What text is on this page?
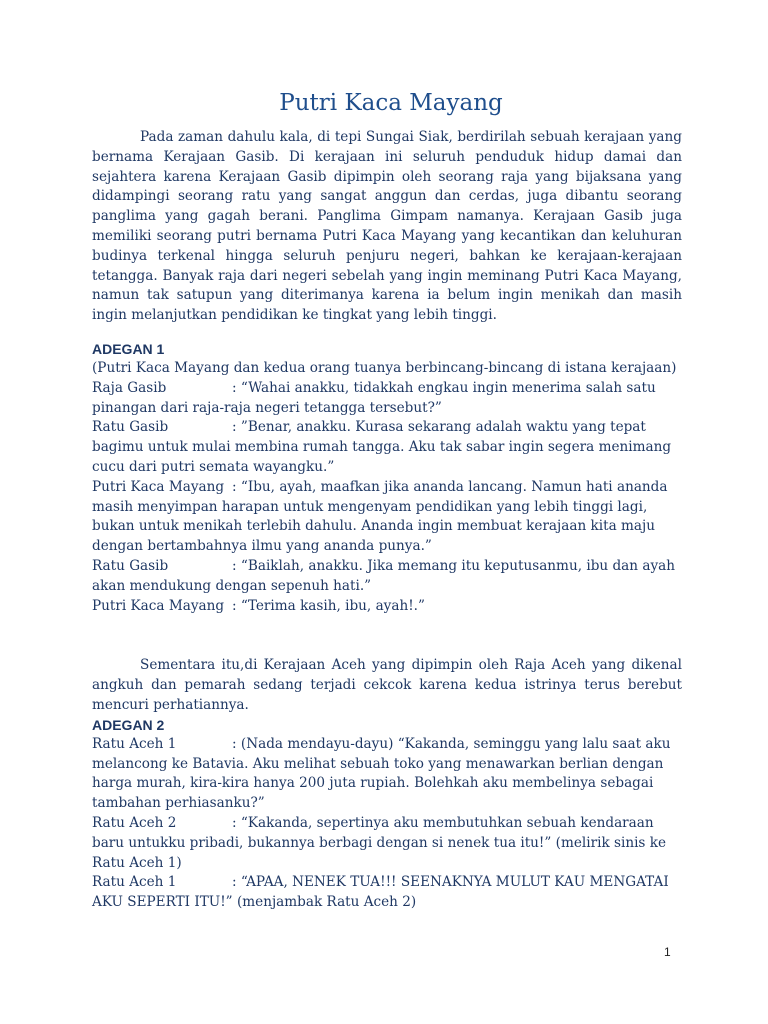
Putri Kaca Mayang

Pada zaman dahulu kala, di tepi Sungai Siak, berdirilah sebuah kerajaan yang bernama Kerajaan Gasib. Di kerajaan ini seluruh penduduk hidup damai dan sejahtera karena Kerajaan Gasib dipimpin oleh seorang raja yang bijaksana yang didampingi seorang ratu yang sangat anggun dan cerdas, juga dibantu seorang panglima yang gagah berani. Panglima Gimpam namanya. Kerajaan Gasib juga memiliki seorang putri bernama Putri Kaca Mayang yang kecantikan dan keluhuran budinya terkenal hingga seluruh penjuru negeri, bahkan ke kerajaan-kerajaan tetangga. Banyak raja dari negeri sebelah yang ingin meminang Putri Kaca Mayang, namun tak satupun yang diterimanya karena ia belum ingin menikah dan masih ingin melanjutkan pendidikan ke tingkat yang lebih tinggi.

ADEGAN 1

(Putri Kaca Mayang dan kedua orang tuanya berbincang-bincang di istana kerajaan)

Raja Gasib	: “Wahai anakku, tidakkah engkau ingin menerima salah satu pinangan dari raja-raja negeri tetangga tersebut?”

Ratu Gasib	: ”Benar, anakku. Kurasa sekarang adalah waktu yang tepat bagimu untuk mulai membina rumah tangga. Aku tak sabar ingin segera menimang cucu dari putri semata wayangku.”

Putri Kaca Mayang : “Ibu, ayah, maafkan jika ananda lancang. Namun hati ananda masih menyimpan harapan untuk mengenyam pendidikan yang lebih tinggi lagi, bukan untuk menikah terlebih dahulu. Ananda ingin membuat kerajaan kita maju dengan bertambahnya ilmu yang ananda punya.”

Ratu Gasib	: “Baiklah, anakku. Jika memang itu keputusanmu, ibu dan ayah akan mendukung dengan sepenuh hati.”

Putri Kaca Mayang : “Terima kasih, ibu, ayah!.”

Sementara itu,di Kerajaan Aceh yang dipimpin oleh Raja Aceh yang dikenal angkuh dan pemarah sedang terjadi cekcok karena kedua istrinya terus berebut mencuri perhatiannya.

ADEGAN 2

Ratu Aceh 1	: (Nada mendayu-dayu) “Kakanda, seminggu yang lalu saat aku melancong ke Batavia. Aku melihat sebuah toko yang menawarkan berlian dengan harga murah, kira-kira hanya 200 juta rupiah. Bolehkah aku membelinya sebagai tambahan perhiasanku?”

Ratu Aceh 2	: “Kakanda, sepertinya aku membutuhkan sebuah kendaraan baru untukku pribadi, bukannya berbagi dengan si nenek tua itu!” (melirik sinis ke Ratu Aceh 1)

Ratu Aceh 1	: “APAA, NENEK TUA!!! SEENAKNYA MULUT KAU MENGATAI AKU SEPERTI ITU!” (menjambak Ratu Aceh 2)

1
